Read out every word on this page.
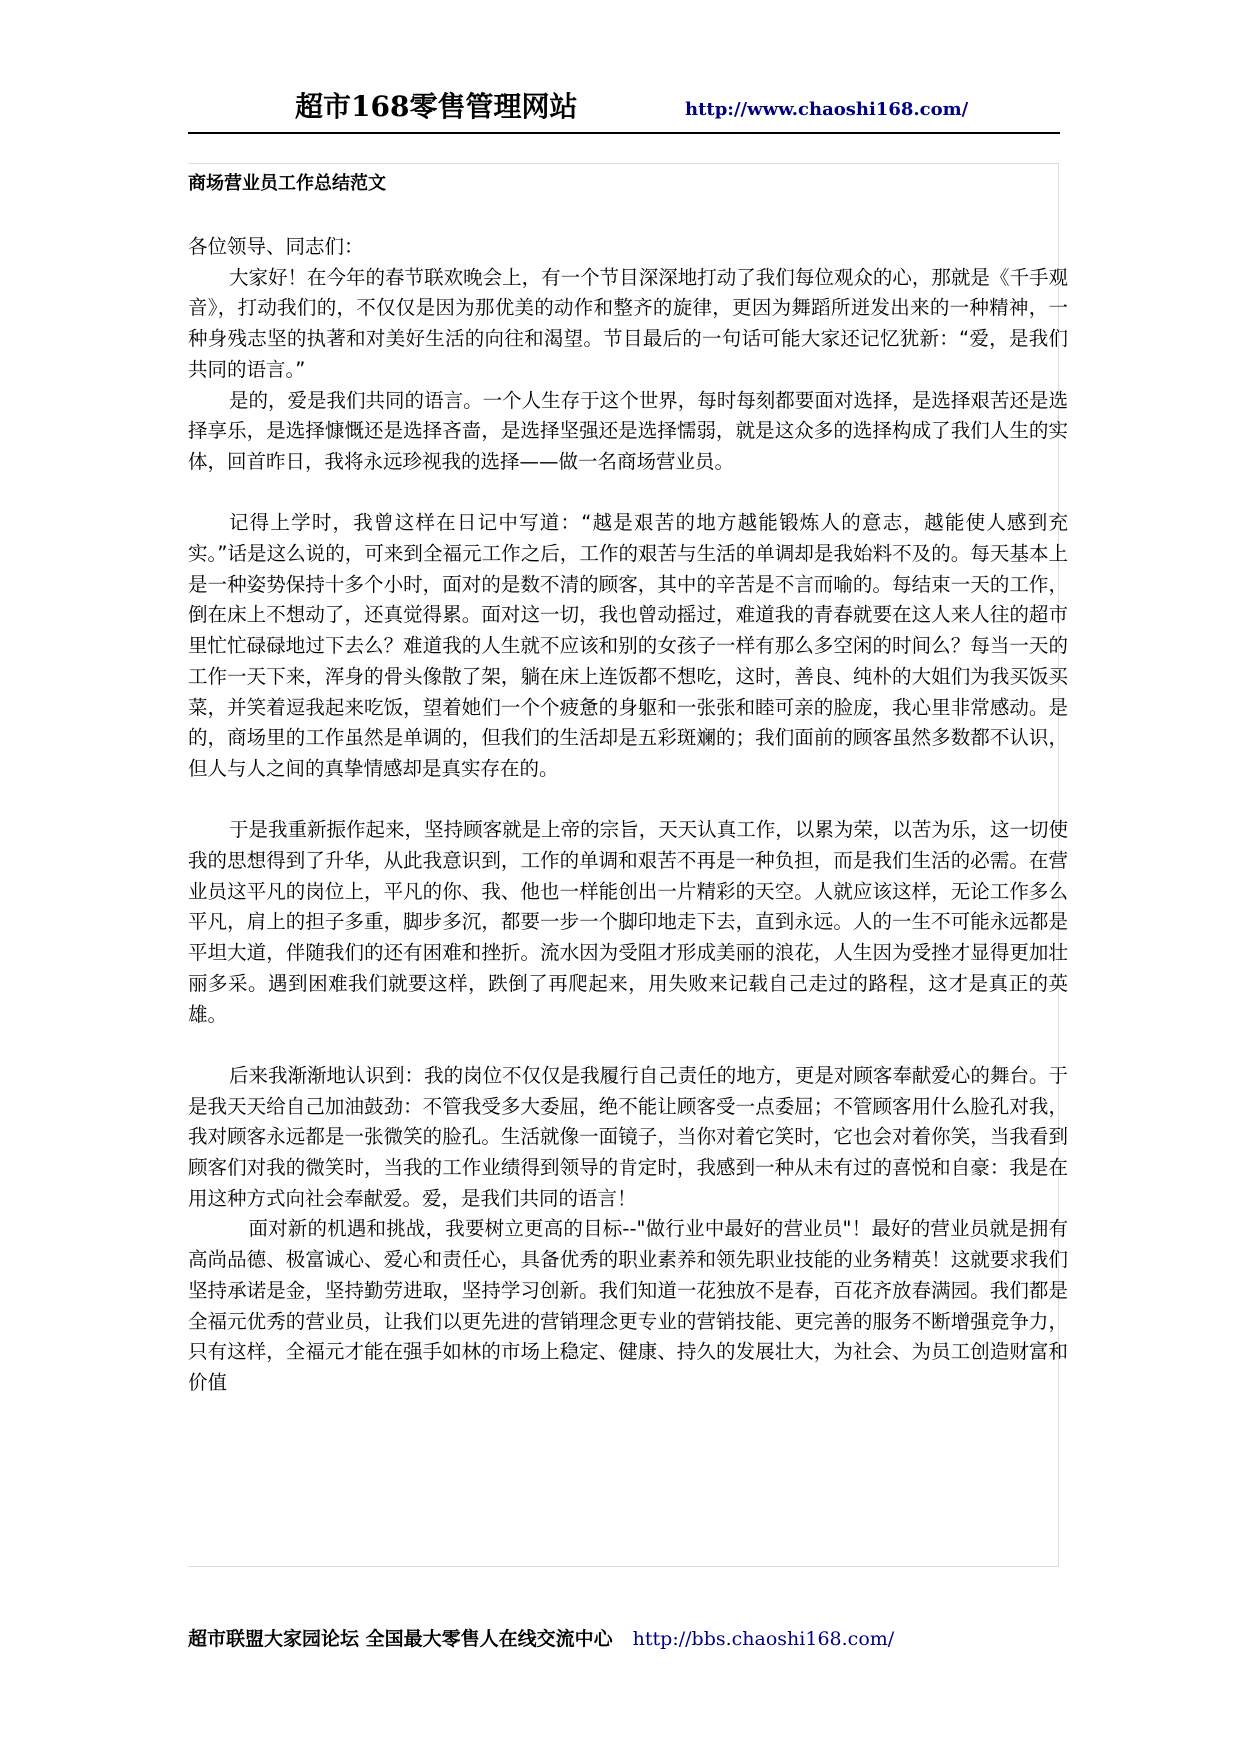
超市168零售管理网站	http://www.chaoshi168.com/
商场营业员工作总结范文

各位领导、同志们：

大家好！在今年的春节联欢晚会上，有一个节目深深地打动了我们每位观众的心，那就是《千手观音》，打动我们的，不仅仅是因为那优美的动作和整齐的旋律，更因为舞蹈所迸发出来的一种精神，一种身残志坚的执著和对美好生活的向往和渴望。节目最后的一句话可能大家还记忆犹新：“爱，是我们共同的语言。”

是的，爱是我们共同的语言。一个人生存于这个世界，每时每刻都要面对选择，是选择艰苦还是选择享乐，是选择慷慨还是选择吝啬，是选择坚强还是选择懦弱，就是这众多的选择构成了我们人生的实体，回首昨日，我将永远珍视我的选择——做一名商场营业员。

记得上学时，我曾这样在日记中写道：“越是艰苦的地方越能锻炼人的意志，越能使人感到充实。”话是这么说的，可来到全福元工作之后，工作的艰苦与生活的单调却是我始料不及的。每天基本上是一种姿势保持十多个小时，面对的是数不清的顾客，其中的辛苦是不言而喻的。每结束一天的工作，倒在床上不想动了，还真觉得累。面对这一切，我也曾动摇过，难道我的青春就要在这人来人往的超市里忙忙碌碌地过下去么？难道我的人生就不应该和别的女孩子一样有那么多空闲的时间么？每当一天的工作一天下来，浑身的骨头像散了架，躺在床上连饭都不想吃，这时，善良、纯朴的大姐们为我买饭买菜，并笑着逗我起来吃饭，望着她们一个个疲惫的身躯和一张张和睦可亲的脸庞，我心里非常感动。是的，商场里的工作虽然是单调的，但我们的生活却是五彩斑斓的；我们面前的顾客虽然多数都不认识，但人与人之间的真挚情感却是真实存在的。

于是我重新振作起来，坚持顾客就是上帝的宗旨，天天认真工作，以累为荣，以苦为乐，这一切使我的思想得到了升华，从此我意识到，工作的单调和艰苦不再是一种负担，而是我们生活的必需。在营业员这平凡的岗位上，平凡的你、我、他也一样能创出一片精彩的天空。人就应该这样，无论工作多么平凡，肩上的担子多重，脚步多沉，都要一步一个脚印地走下去，直到永远。人的一生不可能永远都是平坦大道，伴随我们的还有困难和挫折。流水因为受阻才形成美丽的浪花，人生因为受挫才显得更加壮丽多采。遇到困难我们就要这样，跌倒了再爬起来，用失败来记载自己走过的路程，这才是真正的英雄。

后来我渐渐地认识到：我的岗位不仅仅是我履行自己责任的地方，更是对顾客奉献爱心的舞台。于是我天天给自己加油鼓劲：不管我受多大委屈，绝不能让顾客受一点委屈；不管顾客用什么脸孔对我，我对顾客永远都是一张微笑的脸孔。生活就像一面镜子，当你对着它笑时，它也会对着你笑，当我看到顾客们对我的微笑时，当我的工作业绩得到领导的肯定时，我感到一种从未有过的喜悦和自豪：我是在用这种方式向社会奉献爱。爱，是我们共同的语言！

面对新的机遇和挑战，我要树立更高的目标--"做行业中最好的营业员"！最好的营业员就是拥有高尚品德、极富诚心、爱心和责任心，具备优秀的职业素养和领先职业技能的业务精英！这就要求我们坚持承诺是金，坚持勤劳进取，坚持学习创新。我们知道一花独放不是春，百花齐放春满园。我们都是全福元优秀的营业员，让我们以更先进的营销理念更专业的营销技能、更完善的服务不断增强竞争力，只有这样，全福元才能在强手如林的市场上稳定、健康、持久的发展壮大，为社会、为员工创造财富和价值

超市联盟大家园论坛 全国最大零售人在线交流中心 http://bbs.chaoshi168.com/
